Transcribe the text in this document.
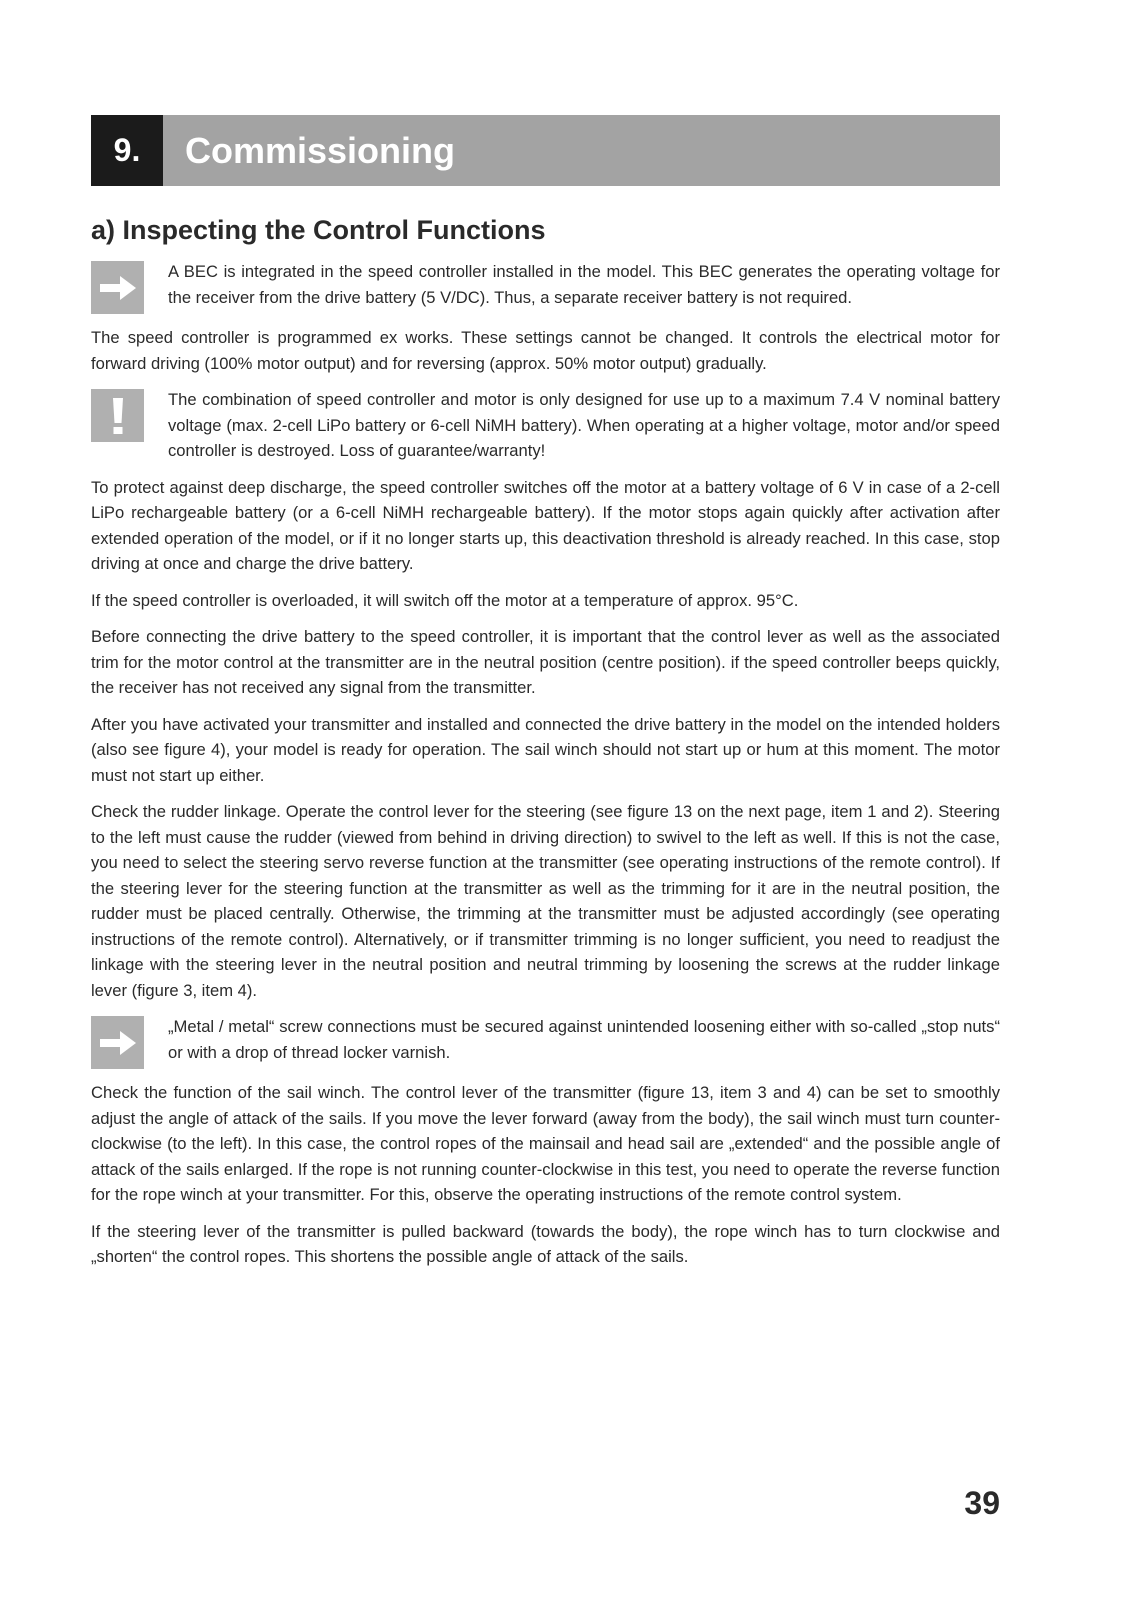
9.	Commissioning
a) Inspecting the Control Functions

A BEC is integrated in the speed controller installed in the model. This BEC generates the operating voltage for the receiver from the drive battery (5 V/DC). Thus, a separate receiver battery is not required.

The speed controller is programmed ex works. These settings cannot be changed. It controls the electrical motor for forward driving (100% motor output) and for reversing (approx. 50% motor output) gradually.

The combination of speed controller and motor is only designed for use up to a maximum 7.4 V nominal battery voltage (max. 2-cell LiPo battery or 6-cell NiMH battery). When operating at a higher voltage, motor and/or speed controller is destroyed. Loss of guarantee/warranty!

To protect against deep discharge, the speed controller switches off the motor at a battery voltage of 6 V in case of a 2-cell LiPo rechargeable battery (or a 6-cell NiMH rechargeable battery). If the motor stops again quickly after activation after extended operation of the model, or if it no longer starts up, this deactivation threshold is already reached. In this case, stop driving at once and charge the drive battery.

If the speed controller is overloaded, it will switch off the motor at a temperature of approx. 95°C.

Before connecting the drive battery to the speed controller, it is important that the control lever as well as the associated trim for the motor control at the transmitter are in the neutral position (centre position). if the speed controller beeps quickly, the receiver has not received any signal from the transmitter.

After you have activated your transmitter and installed and connected the drive battery in the model on the intended holders (also see figure 4), your model is ready for operation. The sail winch should not start up or hum at this moment. The motor must not start up either.

Check the rudder linkage. Operate the control lever for the steering (see figure 13 on the next page, item 1 and 2). Steering to the left must cause the rudder (viewed from behind in driving direction) to swivel to the left as well. If this is not the case, you need to select the steering servo reverse function at the transmitter (see operating instructions of the remote control). If the steering lever for the steering function at the transmitter as well as the trimming for it are in the neutral position, the rudder must be placed centrally. Otherwise, the trimming at the transmitter must be adjusted accordingly (see operating instructions of the remote control). Alternatively, or if transmitter trimming is no longer sufficient, you need to readjust the linkage with the steering lever in the neutral position and neutral trimming by loosening the screws at the rudder linkage lever (figure 3, item 4).

„Metal / metal“ screw connections must be secured against unintended loosening either with so-called „stop nuts“ or with a drop of thread locker varnish.

Check the function of the sail winch. The control lever of the transmitter (figure 13, item 3 and 4) can be set to smoothly adjust the angle of attack of the sails. If you move the lever forward (away from the body), the sail winch must turn counter-clockwise (to the left). In this case, the control ropes of the mainsail and head sail are „extended“ and the possible angle of attack of the sails enlarged. If the rope is not running counter-clockwise in this test, you need to operate the reverse function for the rope winch at your transmitter. For this, observe the operating instructions of the remote control system.

If the steering lever of the transmitter is pulled backward (towards the body), the rope winch has to turn clockwise and „shorten“ the control ropes. This shortens the possible angle of attack of the sails.

39
